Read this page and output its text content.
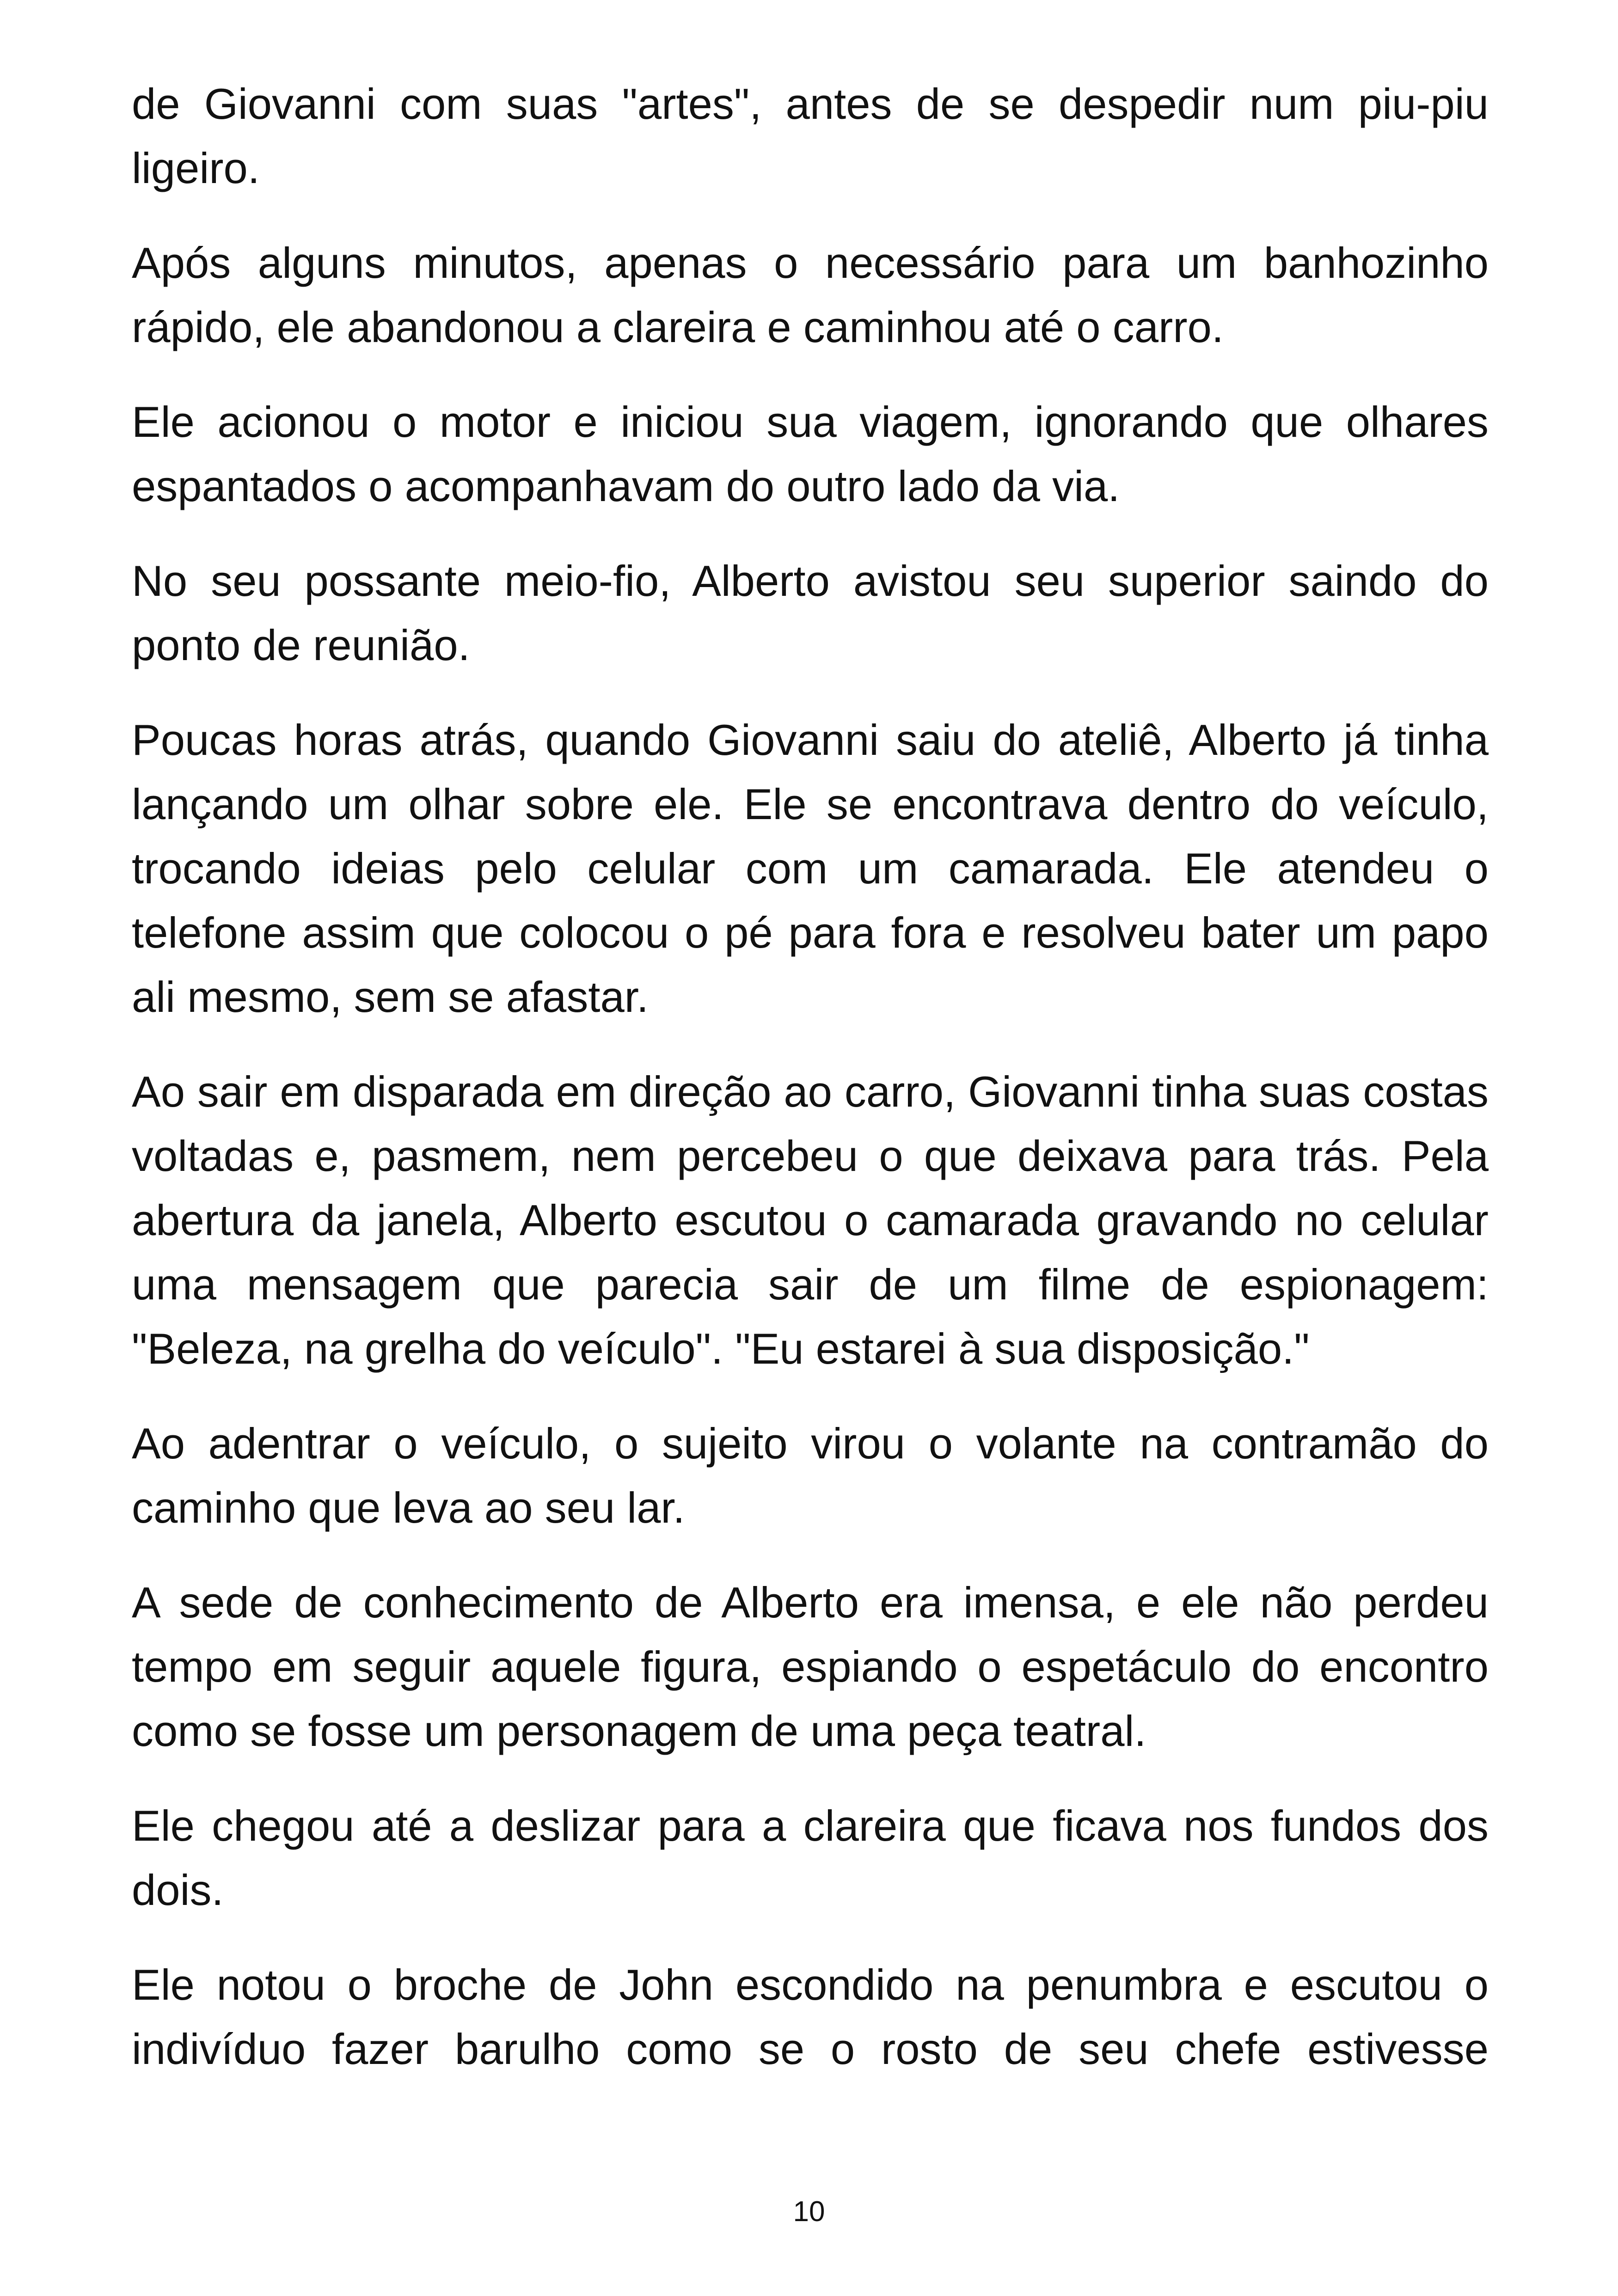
de Giovanni com suas "artes", antes de se despedir num piu-piu ligeiro.

Após alguns minutos, apenas o necessário para um banhozinho rápido, ele abandonou a clareira e caminhou até o carro.

Ele acionou o motor e iniciou sua viagem, ignorando que olhares espantados o acompanhavam do outro lado da via.

No seu possante meio-fio, Alberto avistou seu superior saindo do ponto de reunião.

Poucas horas atrás, quando Giovanni saiu do ateliê, Alberto já tinha lançando um olhar sobre ele. Ele se encontrava dentro do veículo, trocando ideias pelo celular com um camarada. Ele atendeu o telefone assim que colocou o pé para fora e resolveu bater um papo ali mesmo, sem se afastar.

Ao sair em disparada em direção ao carro, Giovanni tinha suas costas voltadas e, pasmem, nem percebeu o que deixava para trás. Pela abertura da janela, Alberto escutou o camarada gravando no celular uma mensagem que parecia sair de um filme de espionagem: "Beleza, na grelha do veículo". "Eu estarei à sua disposição."

Ao adentrar o veículo, o sujeito virou o volante na contramão do caminho que leva ao seu lar.

A sede de conhecimento de Alberto era imensa, e ele não perdeu tempo em seguir aquele figura, espiando o espetáculo do encontro como se fosse um personagem de uma peça teatral.

Ele chegou até a deslizar para a clareira que ficava nos fundos dos dois.

Ele notou o broche de John escondido na penumbra e escutou o indivíduo fazer barulho como se o rosto de seu chefe estivesse

10
